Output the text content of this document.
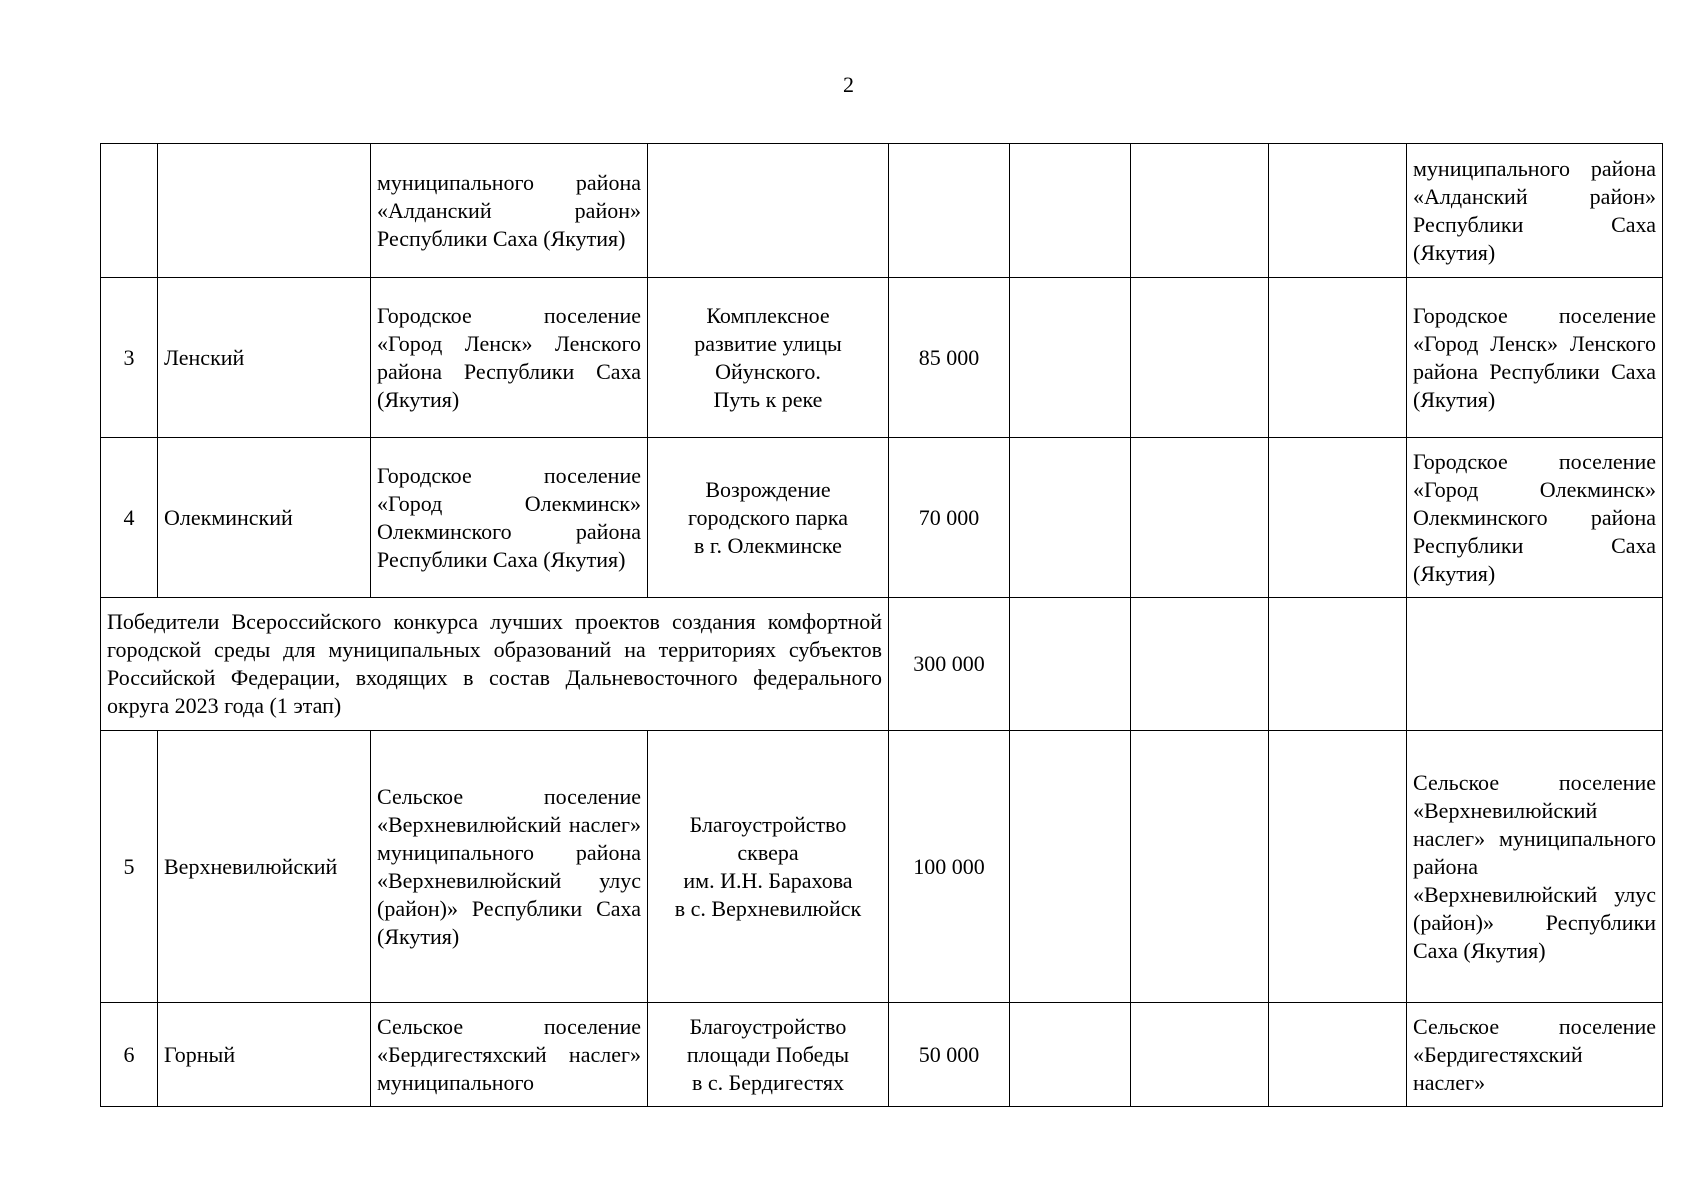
2
		муниципального района «Алданский район» Республики Саха (Якутия)						муниципального района «Алданский район» Республики Саха (Якутия)
3	Ленский	Городское поселение «Город Ленск» Ленского района Республики Саха (Якутия)	Комплексное
развитие улицы
Ойунского.
Путь к реке	85 000				Городское поселение «Город Ленск» Ленского района Республики Саха (Якутия)
4	Олекминский	Городское поселение «Город Олекминск» Олекминского района Республики Саха (Якутия)	Возрождение
городского парка
в г. Олекминске	70 000				Городское поселение «Город Олекминск» Олекминского района Республики Саха (Якутия)
Победители Всероссийского конкурса лучших проектов создания комфортной городской среды для муниципальных образований на территориях субъектов Российской Федерации, входящих в состав Дальневосточного федерального округа 2023 года (1 этап)				300 000				
5	Верхневилюйский	Сельское поселение «Верхневилюйский наслег» муниципального района «Верхневилюйский улус (район)» Республики Саха (Якутия)	Благоустройство
сквера
им. И.Н. Барахова
в с. Верхневилюйск	100 000				Сельское поселение «Верхневилюйский наслег» муниципального района «Верхневилюйский улус (район)» Республики Саха (Якутия)
6	Горный	Сельское поселение «Бердигестяхский наслег» муниципального	Благоустройство
площади Победы
в с. Бердигестях	50 000				Сельское поселение «Бердигестяхский наслег»
